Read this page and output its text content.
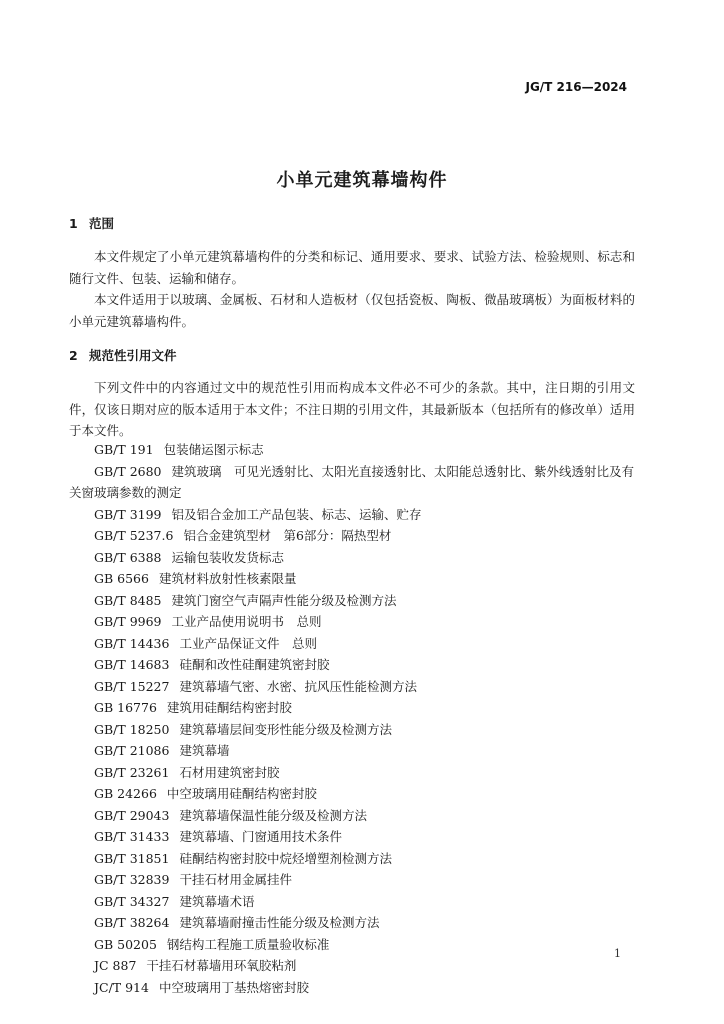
JG/T 216—2024
小单元建筑幕墙构件
1 范围

本文件规定了小单元建筑幕墙构件的分类和标记、通用要求、要求、试验方法、检验规则、标志和随行文件、包装、运输和储存。

本文件适用于以玻璃、金属板、石材和人造板材（仅包括瓷板、陶板、微晶玻璃板）为面板材料的小单元建筑幕墙构件。

2 规范性引用文件

下列文件中的内容通过文中的规范性引用而构成本文件必不可少的条款。其中，注日期的引用文件，仅该日期对应的版本适用于本文件；不注日期的引用文件，其最新版本（包括所有的修改单）适用于本文件。

GB/T 191 包装储运图示标志

GB/T 2680 建筑玻璃　可见光透射比、太阳光直接透射比、太阳能总透射比、紫外线透射比及有关窗玻璃参数的测定

GB/T 3199 铝及铝合金加工产品包装、标志、运输、贮存

GB/T 5237.6 铝合金建筑型材　第6部分：隔热型材

GB/T 6388 运输包装收发货标志

GB 6566 建筑材料放射性核素限量

GB/T 8485 建筑门窗空气声隔声性能分级及检测方法

GB/T 9969 工业产品使用说明书　总则

GB/T 14436 工业产品保证文件　总则

GB/T 14683 硅酮和改性硅酮建筑密封胶

GB/T 15227 建筑幕墙气密、水密、抗风压性能检测方法

GB 16776 建筑用硅酮结构密封胶

GB/T 18250 建筑幕墙层间变形性能分级及检测方法

GB/T 21086 建筑幕墙

GB/T 23261 石材用建筑密封胶

GB 24266 中空玻璃用硅酮结构密封胶

GB/T 29043 建筑幕墙保温性能分级及检测方法

GB/T 31433 建筑幕墙、门窗通用技术条件

GB/T 31851 硅酮结构密封胶中烷烃增塑剂检测方法

GB/T 32839 干挂石材用金属挂件

GB/T 34327 建筑幕墙术语

GB/T 38264 建筑幕墙耐撞击性能分级及检测方法

GB 50205 钢结构工程施工质量验收标准

JC 887 干挂石材幕墙用环氧胶粘剂

JC/T 914 中空玻璃用丁基热熔密封胶

1
